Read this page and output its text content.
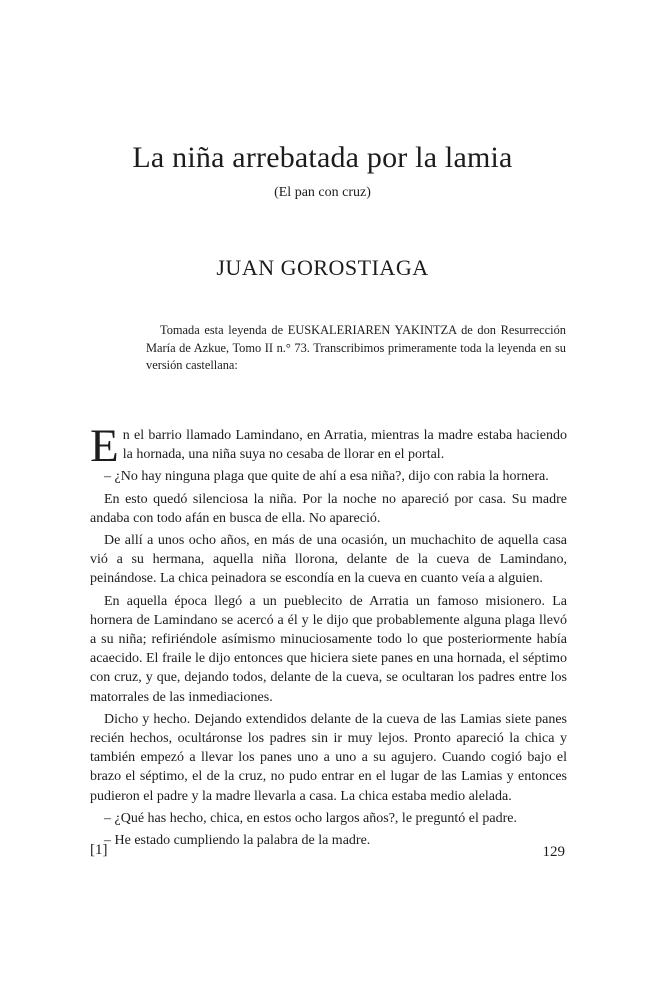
La niña arrebatada por la lamia
(El pan con cruz)
JUAN GOROSTIAGA

Tomada esta leyenda de EUSKALERIAREN YAKINTZA de don Resurrección María de Azkue, Tomo II n.° 73. Transcribimos primeramente toda la leyenda en su versión castellana:

En el barrio llamado Lamindano, en Arratia, mientras la madre estaba haciendo la hornada, una niña suya no cesaba de llorar en el portal.

– ¿No hay ninguna plaga que quite de ahí a esa niña?, dijo con rabia la hornera.

En esto quedó silenciosa la niña. Por la noche no apareció por casa. Su madre andaba con todo afán en busca de ella. No apareció.

De allí a unos ocho años, en más de una ocasión, un muchachito de aquella casa vió a su hermana, aquella niña llorona, delante de la cueva de Lamindano, peinándose. La chica peinadora se escondía en la cueva en cuanto veía a alguien.

En aquella época llegó a un pueblecito de Arratia un famoso misionero. La hornera de Lamindano se acercó a él y le dijo que probablemente alguna plaga llevó a su niña; refiriéndole asímismo minuciosamente todo lo que posteriormente había acaecido. El fraile le dijo entonces que hiciera siete panes en una hornada, el séptimo con cruz, y que, dejando todos, delante de la cueva, se ocultaran los padres entre los matorrales de las inmediaciones.

Dicho y hecho. Dejando extendidos delante de la cueva de las Lamias siete panes recién hechos, ocultáronse los padres sin ir muy lejos. Pronto apareció la chica y también empezó a llevar los panes uno a uno a su agujero. Cuando cogió bajo el brazo el séptimo, el de la cruz, no pudo entrar en el lugar de las Lamias y entonces pudieron el padre y la madre llevarla a casa. La chica estaba medio alelada.

– ¿Qué has hecho, chica, en estos ocho largos años?, le preguntó el padre.

– He estado cumpliendo la palabra de la madre.

[1]	129
